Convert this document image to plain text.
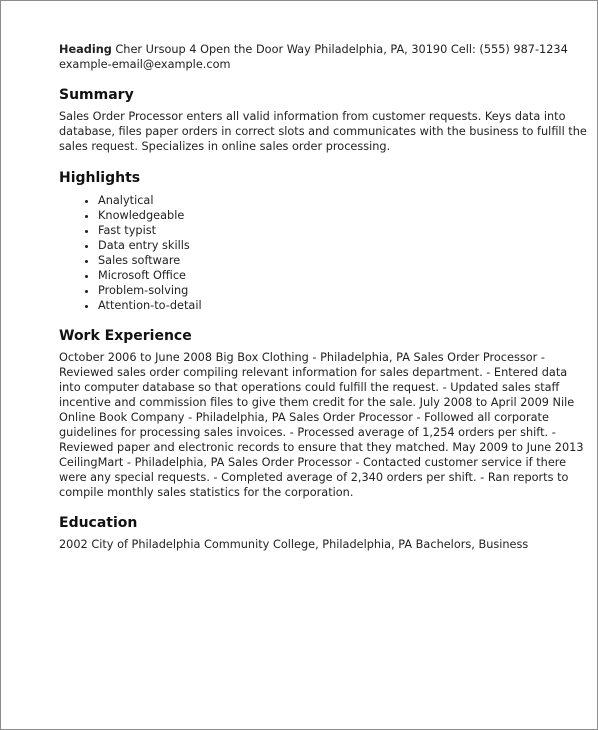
Heading Cher Ursoup 4 Open the Door Way Philadelphia, PA, 30190 Cell: (555) 987-1234
example-email@example.com
Summary

Sales Order Processor enters all valid information from customer requests. Keys data into database, files paper orders in correct slots and communicates with the business to fulfill the sales request. Specializes in online sales order processing.

Highlights
• Analytical
• Knowledgeable
• Fast typist
• Data entry skills
• Sales software
• Microsoft Office
• Problem-solving
• Attention-to-detail
Work Experience

October 2006 to June 2008 Big Box Clothing - Philadelphia, PA Sales Order Processor - Reviewed sales order compiling relevant information for sales department. - Entered data into computer database so that operations could fulfill the request. - Updated sales staff incentive and commission files to give them credit for the sale. July 2008 to April 2009 Nile Online Book Company - Philadelphia, PA Sales Order Processor - Followed all corporate guidelines for processing sales invoices. - Processed average of 1,254 orders per shift. - Reviewed paper and electronic records to ensure that they matched. May 2009 to June 2013 CeilingMart - Philadelphia, PA Sales Order Processor - Contacted customer service if there were any special requests. - Completed average of 2,340 orders per shift. - Ran reports to compile monthly sales statistics for the corporation.

Education

2002 City of Philadelphia Community College, Philadelphia, PA Bachelors, Business
